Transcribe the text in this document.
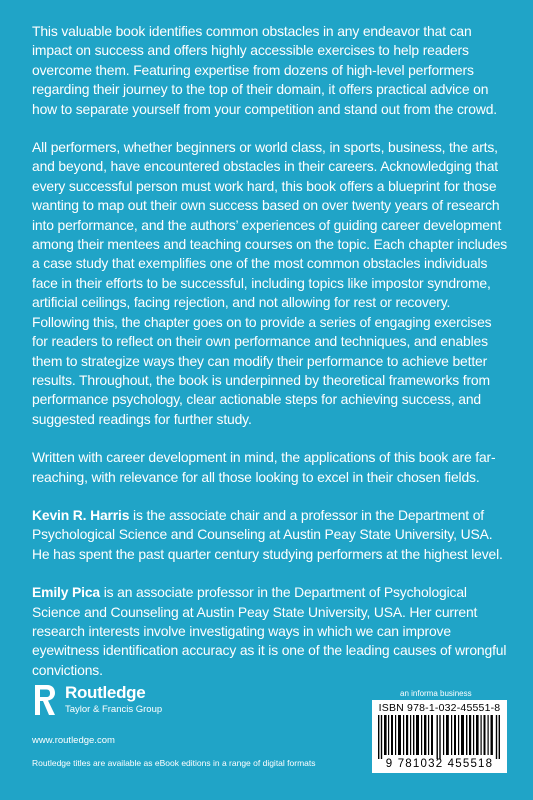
This valuable book identifies common obstacles in any endeavor that can impact on success and offers highly accessible exercises to help readers overcome them. Featuring expertise from dozens of high-level performers regarding their journey to the top of their domain, it offers practical advice on how to separate yourself from your competition and stand out from the crowd.

All performers, whether beginners or world class, in sports, business, the arts, and beyond, have encountered obstacles in their careers. Acknowledging that every successful person must work hard, this book offers a blueprint for those wanting to map out their own success based on over twenty years of research into performance, and the authors’ experiences of guiding career development among their mentees and teaching courses on the topic. Each chapter includes a case study that exemplifies one of the most common obstacles individuals face in their efforts to be successful, including topics like impostor syndrome, artificial ceilings, facing rejection, and not allowing for rest or recovery. Following this, the chapter goes on to provide a series of engaging exercises for readers to reflect on their own performance and techniques, and enables them to strategize ways they can modify their performance to achieve better results. Throughout, the book is underpinned by theoretical frameworks from performance psychology, clear actionable steps for achieving success, and suggested readings for further study.

Written with career development in mind, the applications of this book are far-reaching, with relevance for all those looking to excel in their chosen fields.

Kevin R. Harris is the associate chair and a professor in the Department of Psychological Science and Counseling at Austin Peay State University, USA. He has spent the past quarter century studying performers at the highest level.

Emily Pica is an associate professor in the Department of Psychological Science and Counseling at Austin Peay State University, USA. Her current research interests involve investigating ways in which we can improve eyewitness identification accuracy as it is one of the leading causes of wrongful convictions.

Routledge
Taylor & Francis Group
www.routledge.com
Routledge titles are available as eBook editions in a range of digital formats
an informa business
ISBN 978-1-032-45551-8
9 781032 455518
